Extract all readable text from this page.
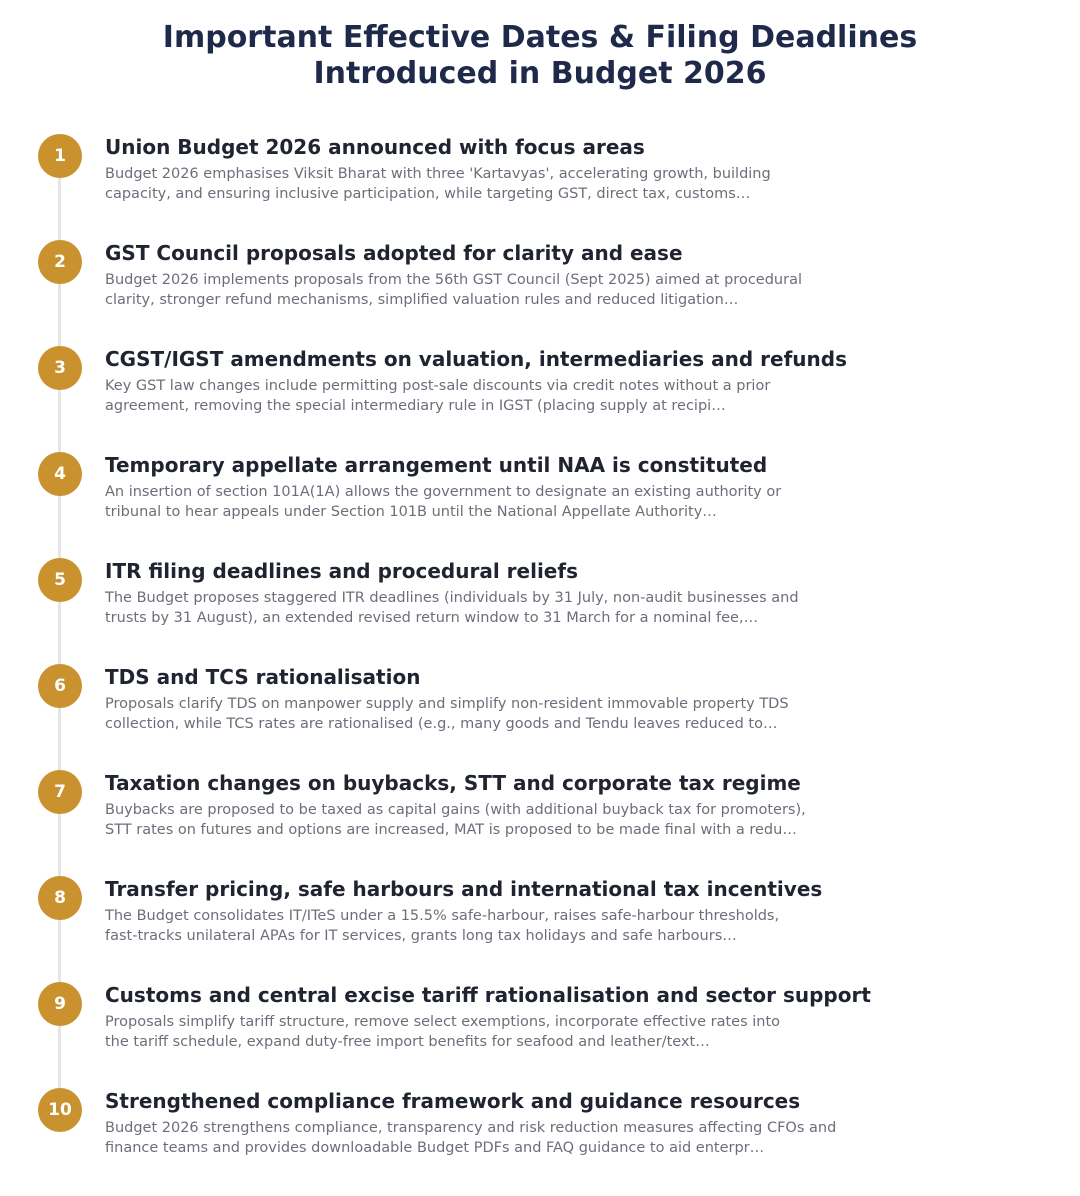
Important Effective Dates & Filing Deadlines
Introduced in Budget 2026
1	Union Budget 2026 announced with focus areas
Budget 2026 emphasises Viksit Bharat with three 'Kartavyas', accelerating growth, building
capacity, and ensuring inclusive participation, while targeting GST, direct tax, customs…
2	GST Council proposals adopted for clarity and ease
Budget 2026 implements proposals from the 56th GST Council (Sept 2025) aimed at procedural
clarity, stronger refund mechanisms, simplified valuation rules and reduced litigation…
3	CGST/IGST amendments on valuation, intermediaries and refunds
Key GST law changes include permitting post-sale discounts via credit notes without a prior
agreement, removing the special intermediary rule in IGST (placing supply at recipi…
4	Temporary appellate arrangement until NAA is constituted
An insertion of section 101A(1A) allows the government to designate an existing authority or
tribunal to hear appeals under Section 101B until the National Appellate Authority…
5	ITR filing deadlines and procedural reliefs
The Budget proposes staggered ITR deadlines (individuals by 31 July, non-audit businesses and
trusts by 31 August), an extended revised return window to 31 March for a nominal fee,…
6	TDS and TCS rationalisation
Proposals clarify TDS on manpower supply and simplify non-resident immovable property TDS
collection, while TCS rates are rationalised (e.g., many goods and Tendu leaves reduced to…
7	Taxation changes on buybacks, STT and corporate tax regime
Buybacks are proposed to be taxed as capital gains (with additional buyback tax for promoters),
STT rates on futures and options are increased, MAT is proposed to be made final with a redu…
8	Transfer pricing, safe harbours and international tax incentives
The Budget consolidates IT/ITeS under a 15.5% safe-harbour, raises safe-harbour thresholds,
fast-tracks unilateral APAs for IT services, grants long tax holidays and safe harbours…
9	Customs and central excise tariff rationalisation and sector support
Proposals simplify tariff structure, remove select exemptions, incorporate effective rates into
the tariff schedule, expand duty-free import benefits for seafood and leather/text…
10	Strengthened compliance framework and guidance resources
Budget 2026 strengthens compliance, transparency and risk reduction measures affecting CFOs and
finance teams and provides downloadable Budget PDFs and FAQ guidance to aid enterpr…
